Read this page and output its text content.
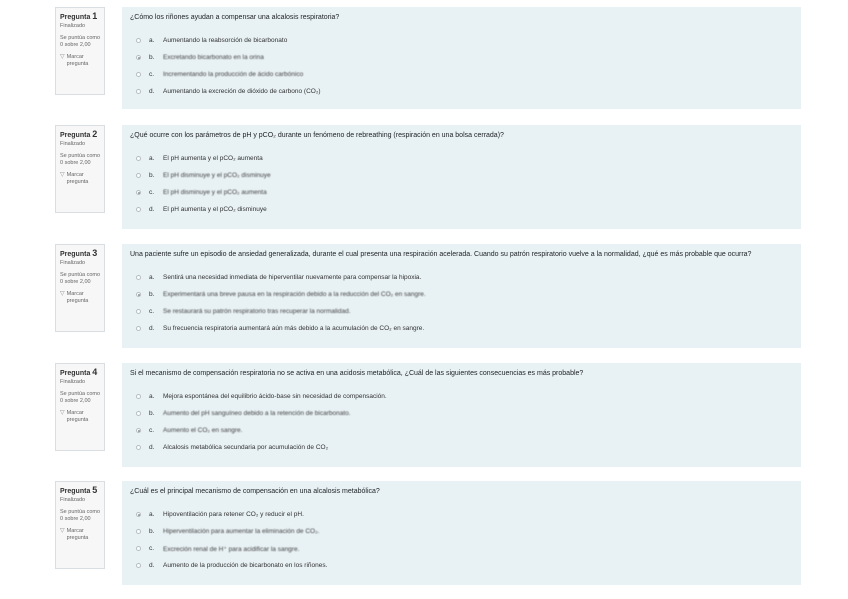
Pregunta 1
Finalizado
Se puntúa como 0 sobre 2,00
▽ Marcar pregunta
¿Cómo los riñones ayudan a compensar una alcalosis respiratoria?
a.	Aumentando la reabsorción de bicarbonato
b.	Excretando bicarbonato en la orina
c.	Incrementando la producción de ácido carbónico
d.	Aumentando la excreción de dióxido de carbono (CO₂)
Pregunta 2
Finalizado
Se puntúa como 0 sobre 2,00
▽ Marcar pregunta
¿Qué ocurre con los parámetros de pH y pCO₂ durante un fenómeno de rebreathing (respiración en una bolsa cerrada)?
a.	El pH aumenta y el pCO₂ aumenta
b.	El pH disminuye y el pCO₂ disminuye
c.	El pH disminuye y el pCO₂ aumenta
d.	El pH aumenta y el pCO₂ disminuye
Pregunta 3
Finalizado
Se puntúa como 0 sobre 2,00
▽ Marcar pregunta
Una paciente sufre un episodio de ansiedad generalizada, durante el cual presenta una respiración acelerada. Cuando su patrón respiratorio vuelve a la normalidad, ¿qué es más probable que ocurra?
a.	Sentirá una necesidad inmediata de hiperventilar nuevamente para compensar la hipoxia.
b.	Experimentará una breve pausa en la respiración debido a la reducción del CO₂ en sangre.
c.	Se restaurará su patrón respiratorio tras recuperar la normalidad.
d.	Su frecuencia respiratoria aumentará aún más debido a la acumulación de CO₂ en sangre.
Pregunta 4
Finalizado
Se puntúa como 0 sobre 2,00
▽ Marcar pregunta
Si el mecanismo de compensación respiratoria no se activa en una acidosis metabólica, ¿Cuál de las siguientes consecuencias es más probable?
a.	Mejora espontánea del equilibrio ácido-base sin necesidad de compensación.
b.	Aumento del pH sanguíneo debido a la retención de bicarbonato.
c.	Aumento el CO₂ en sangre.
d.	Alcalosis metabólica secundaria por acumulación de CO₂
Pregunta 5
Finalizado
Se puntúa como 0 sobre 2,00
▽ Marcar pregunta
¿Cuál es el principal mecanismo de compensación en una alcalosis metabólica?
a.	Hipoventilación para retener CO₂ y reducir el pH.
b.	Hiperventilación para aumentar la eliminación de CO₂.
c.	Excreción renal de H⁺ para acidificar la sangre.
d.	Aumento de la producción de bicarbonato en los riñones.
